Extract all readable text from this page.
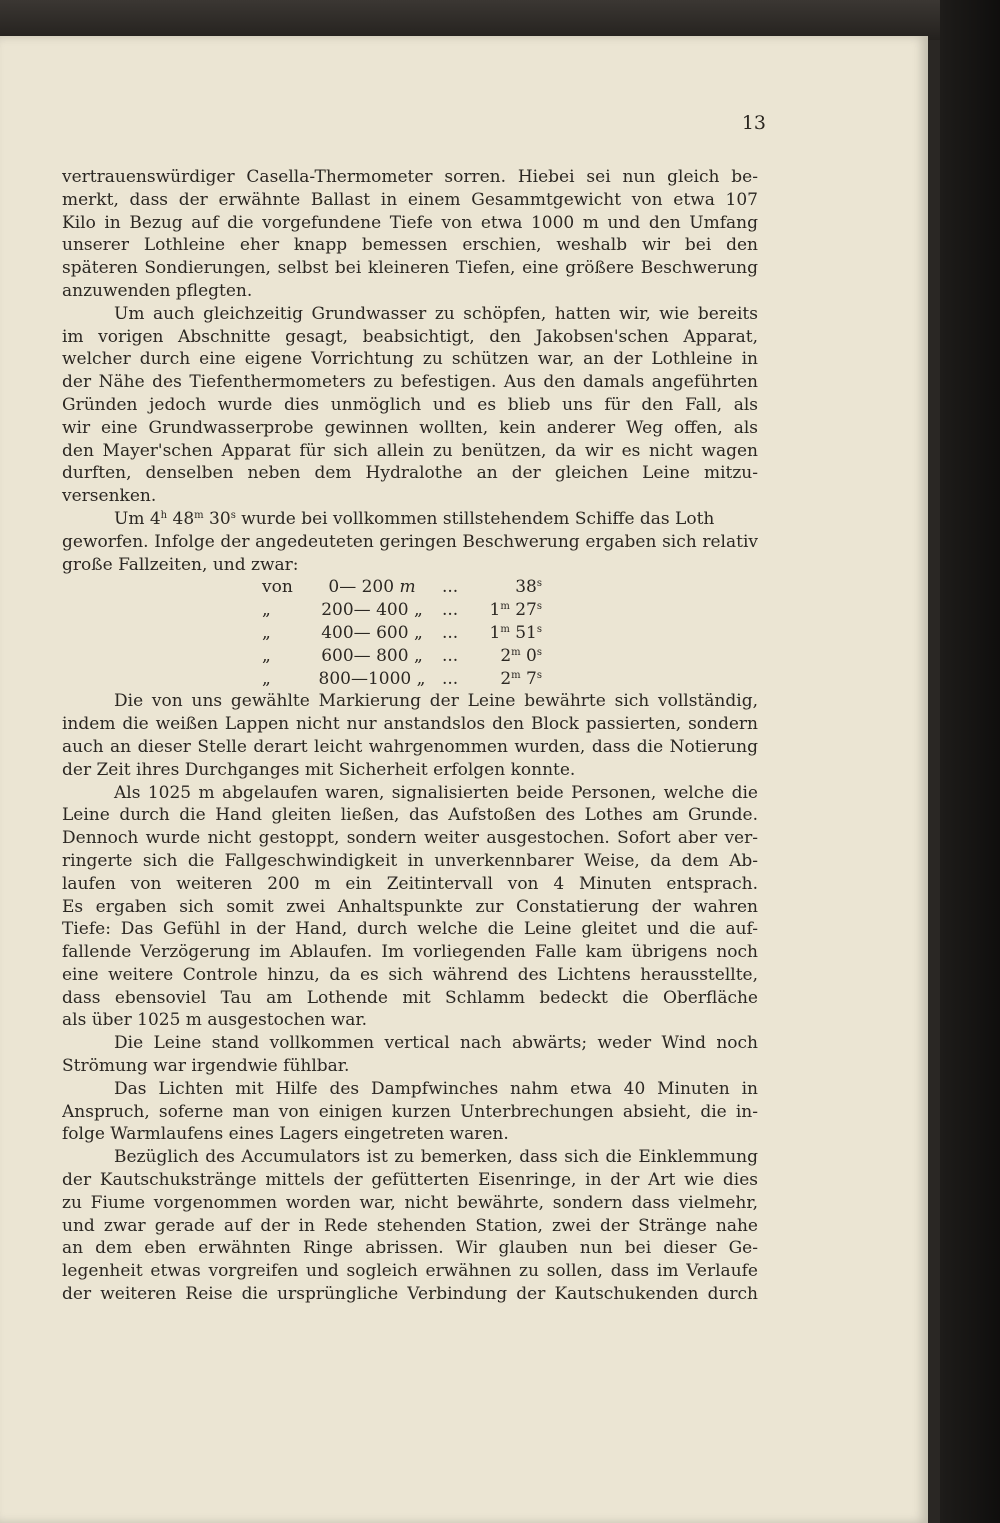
13
vertrauenswürdiger Casella-Thermometer sorren. Hiebei sei nun gleich be-
merkt, dass der erwähnte Ballast in einem Gesammtgewicht von etwa 107
Kilo in Bezug auf die vorgefundene Tiefe von etwa 1000 m und den Umfang
unserer Lothleine eher knapp bemessen erschien, weshalb wir bei den
späteren Sondierungen, selbst bei kleineren Tiefen, eine größere Beschwerung
anzuwenden pflegten.
Um auch gleichzeitig Grundwasser zu schöpfen, hatten wir, wie bereits
im vorigen Abschnitte gesagt, beabsichtigt, den Jakobsen'schen Apparat,
welcher durch eine eigene Vorrichtung zu schützen war, an der Lothleine in
der Nähe des Tiefenthermometers zu befestigen. Aus den damals angeführten
Gründen jedoch wurde dies unmöglich und es blieb uns für den Fall, als
wir eine Grundwasserprobe gewinnen wollten, kein anderer Weg offen, als
den Mayer'schen Apparat für sich allein zu benützen, da wir es nicht wagen
durften, denselben neben dem Hydralothe an der gleichen Leine mitzu-
versenken.
Um 4$^h$ 48$^m$ 30$^s$ wurde bei vollkommen stillstehendem Schiffe das Loth
geworfen. Infolge der angedeuteten geringen Beschwerung ergaben sich relativ
große Fallzeiten, und zwar:
von	0— 200 m	...	38$^s$
„	200— 400 „	...	1$^m$ 27$^s$
„	400— 600 „	...	1$^m$ 51$^s$
„	600— 800 „	...	2$^m$ 0$^s$
„	800—1000 „ ...	2$^m$ 7$^s$
Die von uns gewählte Markierung der Leine bewährte sich vollständig,
indem die weißen Lappen nicht nur anstandslos den Block passierten, sondern
auch an dieser Stelle derart leicht wahrgenommen wurden, dass die Notierung
der Zeit ihres Durchganges mit Sicherheit erfolgen konnte.
Als 1025 m abgelaufen waren, signalisierten beide Personen, welche die
Leine durch die Hand gleiten ließen, das Aufstoßen des Lothes am Grunde.
Dennoch wurde nicht gestoppt, sondern weiter ausgestochen. Sofort aber ver-
ringerte sich die Fallgeschwindigkeit in unverkennbarer Weise, da dem Ab-
laufen von weiteren 200 m ein Zeitintervall von 4 Minuten entsprach.
Es ergaben sich somit zwei Anhaltspunkte zur Constatierung der wahren
Tiefe: Das Gefühl in der Hand, durch welche die Leine gleitet und die auf-
fallende Verzögerung im Ablaufen. Im vorliegenden Falle kam übrigens noch
eine weitere Controle hinzu, da es sich während des Lichtens herausstellte,
dass ebensoviel Tau am Lothende mit Schlamm bedeckt die Oberfläche
als über 1025 m ausgestochen war.
Die Leine stand vollkommen vertical nach abwärts; weder Wind noch
Strömung war irgendwie fühlbar.
Das Lichten mit Hilfe des Dampfwinches nahm etwa 40 Minuten in
Anspruch, soferne man von einigen kurzen Unterbrechungen absieht, die in-
folge Warmlaufens eines Lagers eingetreten waren.
Bezüglich des Accumulators ist zu bemerken, dass sich die Einklemmung
der Kautschukstränge mittels der gefütterten Eisenringe, in der Art wie dies
zu Fiume vorgenommen worden war, nicht bewährte, sondern dass vielmehr,
und zwar gerade auf der in Rede stehenden Station, zwei der Stränge nahe
an dem eben erwähnten Ringe abrissen. Wir glauben nun bei dieser Ge-
legenheit etwas vorgreifen und sogleich erwähnen zu sollen, dass im Verlaufe
der weiteren Reise die ursprüngliche Verbindung der Kautschukenden durch
